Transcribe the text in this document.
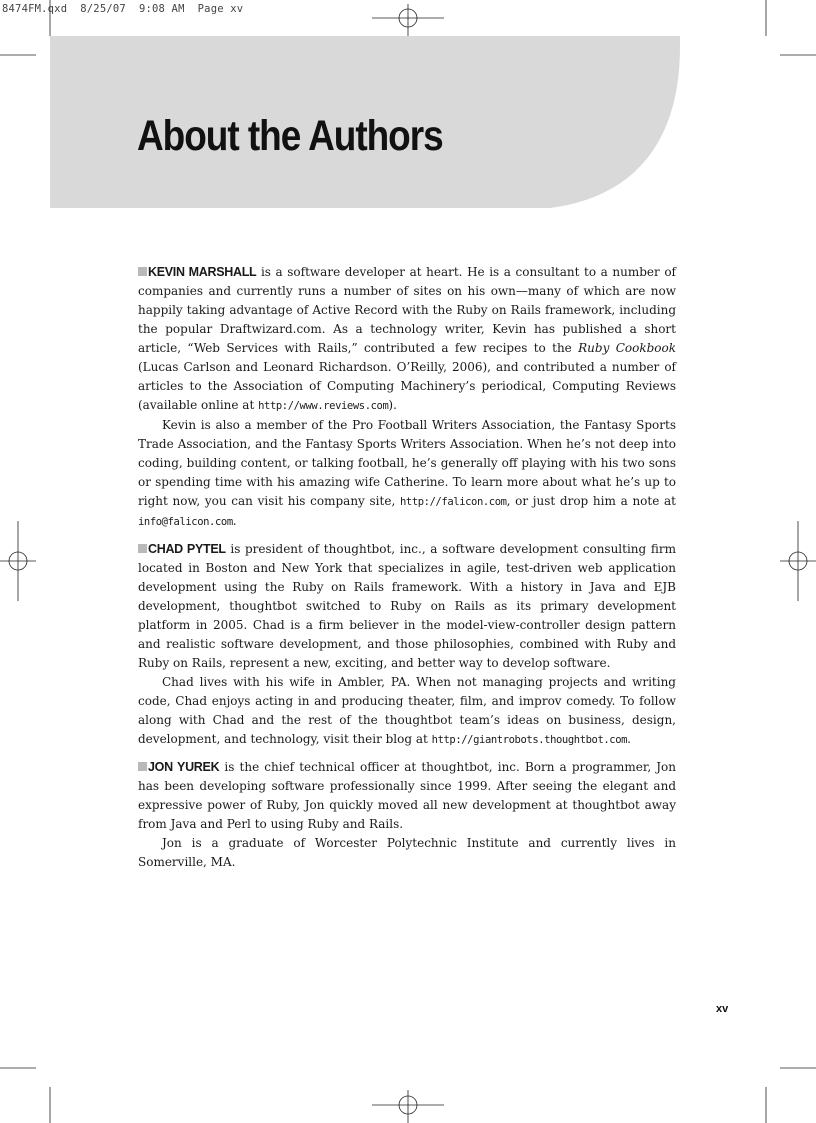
8474FM.qxd  8/25/07  9:08 AM  Page xv
About the Authors

KEVIN MARSHALL is a software developer at heart. He is a consultant to a number of companies and currently runs a number of sites on his own—many of which are now happily taking advantage of Active Record with the Ruby on Rails framework, including the popular Draftwizard.com. As a technology writer, Kevin has published a short article, “Web Services with Rails,” contributed a few recipes to the Ruby Cookbook (Lucas Carlson and Leonard Richardson. O’Reilly, 2006), and contributed a number of articles to the Association of Computing Machinery’s periodical, Computing Reviews (available online at http://www.reviews.com).

Kevin is also a member of the Pro Football Writers Association, the Fantasy Sports Trade Association, and the Fantasy Sports Writers Association. When he’s not deep into coding, building content, or talking football, he’s generally off playing with his two sons or spending time with his amazing wife Catherine. To learn more about what he’s up to right now, you can visit his company site, http://falicon.com, or just drop him a note at info@falicon.com.

CHAD PYTEL is president of thoughtbot, inc., a software development consulting firm located in Boston and New York that specializes in agile, test-driven web application development using the Ruby on Rails framework. With a history in Java and EJB development, thoughtbot switched to Ruby on Rails as its primary development platform in 2005. Chad is a firm believer in the model-view-controller design pattern and realistic software development, and those philosophies, combined with Ruby and Ruby on Rails, represent a new, exciting, and better way to develop software.

Chad lives with his wife in Ambler, PA. When not managing projects and writing code, Chad enjoys acting in and producing theater, film, and improv comedy. To follow along with Chad and the rest of the thoughtbot team’s ideas on business, design, development, and technology, visit their blog at http://giantrobots.thoughtbot.com.

JON YUREK is the chief technical officer at thoughtbot, inc. Born a programmer, Jon has been developing software professionally since 1999. After seeing the elegant and expressive power of Ruby, Jon quickly moved all new development at thoughtbot away from Java and Perl to using Ruby and Rails.

Jon is a graduate of Worcester Polytechnic Institute and currently lives in Somerville, MA.

xv
